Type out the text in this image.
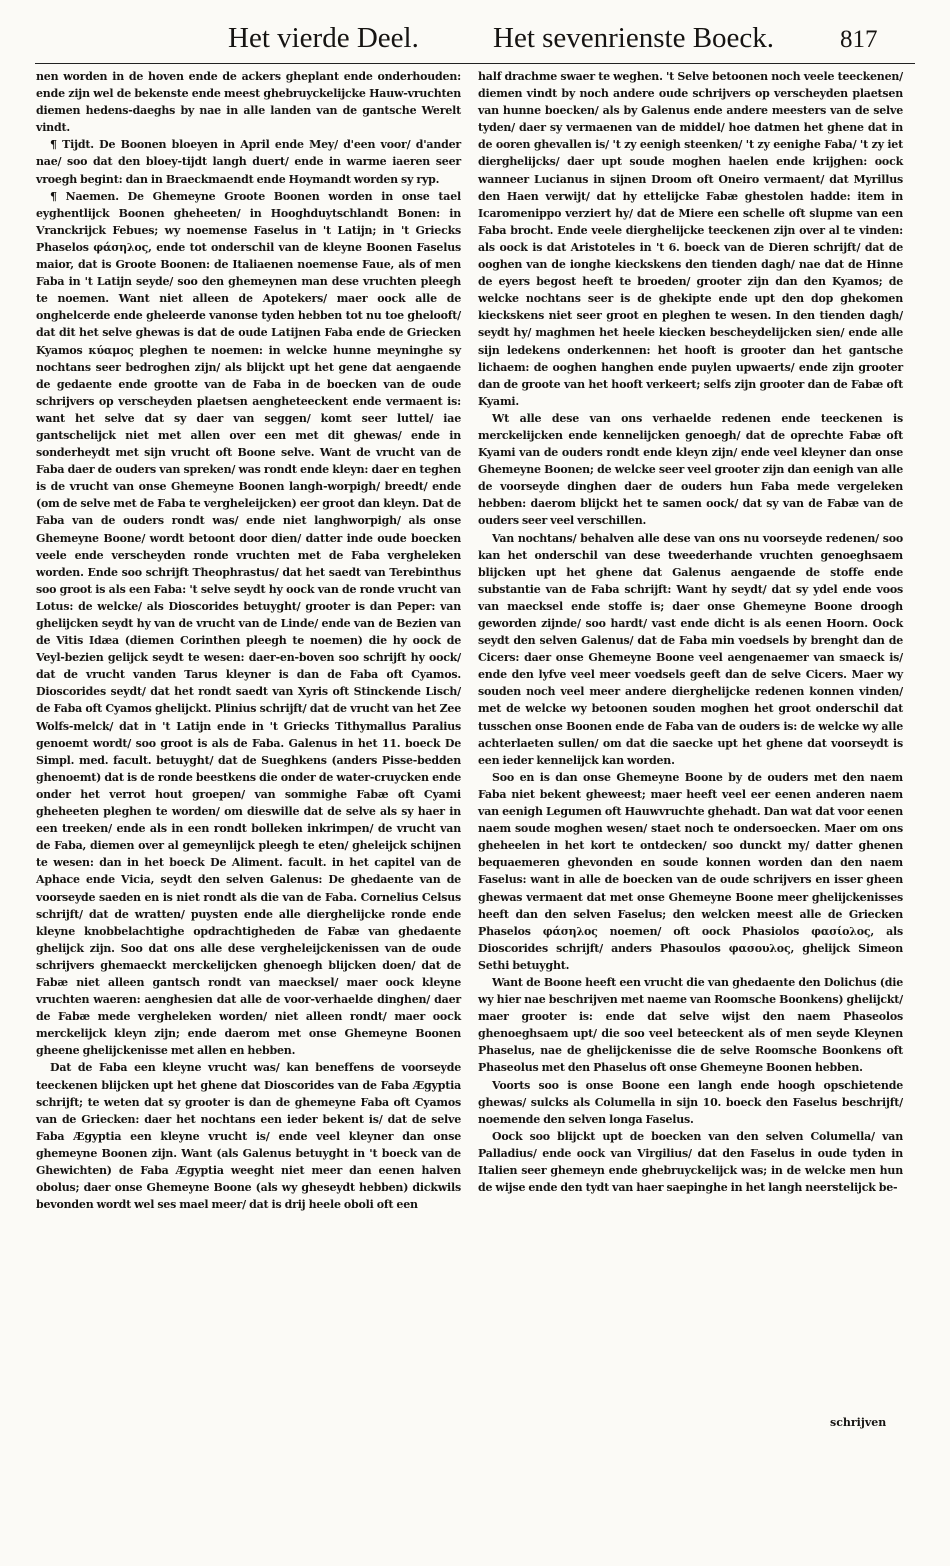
Het vierde Deel.	Het sevenrienste Boeck.	817

nen worden in de hoven ende de ackers gheplant ende onderhouden: ende zijn wel de bekenste ende meest ghebruyckelijcke Hauw-vruchten diemen hedens-daeghs by nae in alle landen van de gantsche Werelt vindt.

¶ Tijdt. De Boonen bloeyen in April ende Mey/ d'een voor/ d'ander nae/ soo dat den bloey-tijdt langh duert/ ende in warme iaeren seer vroegh begint: dan in Braeckmaendt ende Hoymandt worden sy ryp.

¶ Naemen. De Ghemeyne Groote Boonen worden in onse tael eyghentlijck Boonen gheheeten/ in Hooghduytschlandt Bonen: in Vranckrijck Febues; wy noemense Faselus in 't Latijn; in 't Griecks Phaselos φάσηλος, ende tot onderschil van de kleyne Boonen Faselus maior, dat is Groote Boonen: de Italiaenen noemense Faue, als of men Faba in 't Latijn seyde/ soo den ghemeynen man dese vruchten pleegh te noemen. Want niet alleen de Apotekers/ maer oock alle de onghelcerde ende gheleerde vanonse tyden hebben tot nu toe ghelooft/ dat dit het selve ghewas is dat de oude Latijnen Faba ende de Griecken Kyamos κύαμος pleghen te noemen: in welcke hunne meyninghe sy nochtans seer bedroghen zijn/ als blijckt upt het gene dat aengaende de gedaente ende grootte van de Faba in de boecken van de oude schrijvers op verscheyden plaetsen aengheteeckent ende vermaent is: want het selve dat sy daer van seggen/ komt seer luttel/ iae gantschelijck niet met allen over een met dit ghewas/ ende in sonderheydt met sijn vrucht oft Boone selve. Want de vrucht van de Faba daer de ouders van spreken/ was rondt ende kleyn: daer en teghen is de vrucht van onse Ghemeyne Boonen langh-worpigh/ breedt/ ende (om de selve met de Faba te vergheleijcken) eer groot dan kleyn. Dat de Faba van de ouders rondt was/ ende niet langhworpigh/ als onse Ghemeyne Boone/ wordt betoont door dien/ datter inde oude boecken veele ende verscheyden ronde vruchten met de Faba vergheleken worden. Ende soo schrijft Theophrastus/ dat het saedt van Terebinthus soo groot is als een Faba: 't selve seydt hy oock van de ronde vrucht van Lotus: de welcke/ als Dioscorides betuyght/ grooter is dan Peper: van ghelijcken seydt hy van de vrucht van de Linde/ ende van de Bezien van de Vitis Idæa (diemen Corinthen pleegh te noemen) die hy oock de Veyl-bezien gelijck seydt te wesen: daer-en-boven soo schrijft hy oock/ dat de vrucht vanden Tarus kleyner is dan de Faba oft Cyamos. Dioscorides seydt/ dat het rondt saedt van Xyris oft Stinckende Lisch/ de Faba oft Cyamos ghelijckt. Plinius schrijft/ dat de vrucht van het Zee Wolfs-melck/ dat in 't Latijn ende in 't Griecks Tithymallus Paralius genoemt wordt/ soo groot is als de Faba. Galenus in het 11. boeck De Simpl. med. facult. betuyght/ dat de Sueghkens (anders Pisse-bedden ghenoemt) dat is de ronde beestkens die onder de water-cruycken ende onder het verrot hout groepen/ van sommighe Fabæ oft Cyami gheheeten pleghen te worden/ om dieswille dat de selve als sy haer in een treeken/ ende als in een rondt bolleken inkrimpen/ de vrucht van de Faba, diemen over al gemeynlijck pleegh te eten/ gheleijck schijnen te wesen: dan in het boeck De Aliment. facult. in het capitel van de Aphace ende Vicia, seydt den selven Galenus: De ghedaente van de voorseyde saeden en is niet rondt als die van de Faba. Cornelius Celsus schrijft/ dat de wratten/ puysten ende alle dierghelijcke ronde ende kleyne knobbelachtighe opdrachtigheden de Fabæ van ghedaente ghelijck zijn. Soo dat ons alle dese vergheleijckenissen van de oude schrijvers ghemaeckt merckelijcken ghenoegh blijcken doen/ dat de Fabæ niet alleen gantsch rondt van maecksel/ maer oock kleyne vruchten waeren: aenghesien dat alle de voor-verhaelde dinghen/ daer de Fabæ mede vergheleken worden/ niet alleen rondt/ maer oock merckelijck kleyn zijn; ende daerom met onse Ghemeyne Boonen gheene ghelijckenisse met allen en hebben.

Dat de Faba een kleyne vrucht was/ kan beneffens de voorseyde teeckenen blijcken upt het ghene dat Dioscorides van de Faba Ægyptia schrijft; te weten dat sy grooter is dan de ghemeyne Faba oft Cyamos van de Griecken: daer het nochtans een ieder bekent is/ dat de selve Faba Ægyptia een kleyne vrucht is/ ende veel kleyner dan onse ghemeyne Boonen zijn. Want (als Galenus betuyght in 't boeck van de Ghewichten) de Faba Ægyptia weeght niet meer dan eenen halven obolus; daer onse Ghemeyne Boone (als wy gheseydt hebben) dickwils bevonden wordt wel ses mael meer/ dat is drij heele oboli oft een

half drachme swaer te weghen. 't Selve betoonen noch veele teeckenen/ diemen vindt by noch andere oude schrijvers op verscheyden plaetsen van hunne boecken/ als by Galenus ende andere meesters van de selve tyden/ daer sy vermaenen van de middel/ hoe datmen het ghene dat in de ooren ghevallen is/ 't zy eenigh steenken/ 't zy eenighe Faba/ 't zy iet dierghelijcks/ daer upt soude moghen haelen ende krijghen: oock wanneer Lucianus in sijnen Droom oft Oneiro vermaent/ dat Myrillus den Haen verwijt/ dat hy ettelijcke Fabæ ghestolen hadde: item in Icaromenippo verziert hy/ dat de Miere een schelle oft slupme van een Faba brocht. Ende veele dierghelijcke teeckenen zijn over al te vinden: als oock is dat Aristoteles in 't 6. boeck van de Dieren schrijft/ dat de ooghen van de ionghe kieckskens den tienden dagh/ nae dat de Hinne de eyers begost heeft te broeden/ grooter zijn dan den Kyamos; de welcke nochtans seer is de ghekipte ende upt den dop ghekomen kieckskens niet seer groot en pleghen te wesen. In den tienden dagh/ seydt hy/ maghmen het heele kiecken bescheydelijcken sien/ ende alle sijn ledekens onderkennen: het hooft is grooter dan het gantsche lichaem: de ooghen hanghen ende puylen upwaerts/ ende zijn grooter dan de groote van het hooft verkeert; selfs zijn grooter dan de Fabæ oft Kyami.

Wt alle dese van ons verhaelde redenen ende teeckenen is merckelijcken ende kennelijcken genoegh/ dat de oprechte Fabæ oft Kyami van de ouders rondt ende kleyn zijn/ ende veel kleyner dan onse Ghemeyne Boonen; de welcke seer veel grooter zijn dan eenigh van alle de voorseyde dinghen daer de ouders hun Faba mede vergeleken hebben: daerom blijckt het te samen oock/ dat sy van de Fabæ van de ouders seer veel verschillen.

Van nochtans/ behalven alle dese van ons nu voorseyde redenen/ soo kan het onderschil van dese tweederhande vruchten genoeghsaem blijcken upt het ghene dat Galenus aengaende de stoffe ende substantie van de Faba schrijft: Want hy seydt/ dat sy ydel ende voos van maecksel ende stoffe is; daer onse Ghemeyne Boone droogh geworden zijnde/ soo hardt/ vast ende dicht is als eenen Hoorn. Oock seydt den selven Galenus/ dat de Faba min voedsels by brenght dan de Cicers: daer onse Ghemeyne Boone veel aengenaemer van smaeck is/ ende den lyfve veel meer voedsels geeft dan de selve Cicers. Maer wy souden noch veel meer andere dierghelijcke redenen konnen vinden/ met de welcke wy betoonen souden moghen het groot onderschil dat tusschen onse Boonen ende de Faba van de ouders is: de welcke wy alle achterlaeten sullen/ om dat die saecke upt het ghene dat voorseydt is een ieder kennelijck kan worden.

Soo en is dan onse Ghemeyne Boone by de ouders met den naem Faba niet bekent gheweest; maer heeft veel eer eenen anderen naem van eenigh Legumen oft Hauwvruchte ghehadt. Dan wat dat voor eenen naem soude moghen wesen/ staet noch te ondersoecken. Maer om ons gheheelen in het kort te ontdecken/ soo dunckt my/ datter ghenen bequaemeren ghevonden en soude konnen worden dan den naem Faselus: want in alle de boecken van de oude schrijvers en isser gheen ghewas vermaent dat met onse Ghemeyne Boone meer ghelijckenisses heeft dan den selven Faselus; den welcken meest alle de Griecken Phaselos φάσηλος noemen/ oft oock Phasiolos φασίολος, als Dioscorides schrijft/ anders Phasoulos φασουλος, ghelijck Simeon Sethi betuyght.

Want de Boone heeft een vrucht die van ghedaente den Dolichus (die wy hier nae beschrijven met naeme van Roomsche Boonkens) ghelijckt/ maer grooter is: ende dat selve wijst den naem Phaseolos ghenoeghsaem upt/ die soo veel beteeckent als of men seyde Kleynen Phaselus, nae de ghelijckenisse die de selve Roomsche Boonkens oft Phaseolus met den Phaselus oft onse Ghemeyne Boonen hebben.

Voorts soo is onse Boone een langh ende hoogh opschietende ghewas/ sulcks als Columella in sijn 10. boeck den Faselus beschrijft/ noemende den selven longa Faselus.

Oock soo blijckt upt de boecken van den selven Columella/ van Palladius/ ende oock van Virgilius/ dat den Faselus in oude tyden in Italien seer ghemeyn ende ghebruyckelijck was; in de welcke men hun de wijse ende den tydt van haer saepinghe in het langh neerstelijck be-

schrijven
